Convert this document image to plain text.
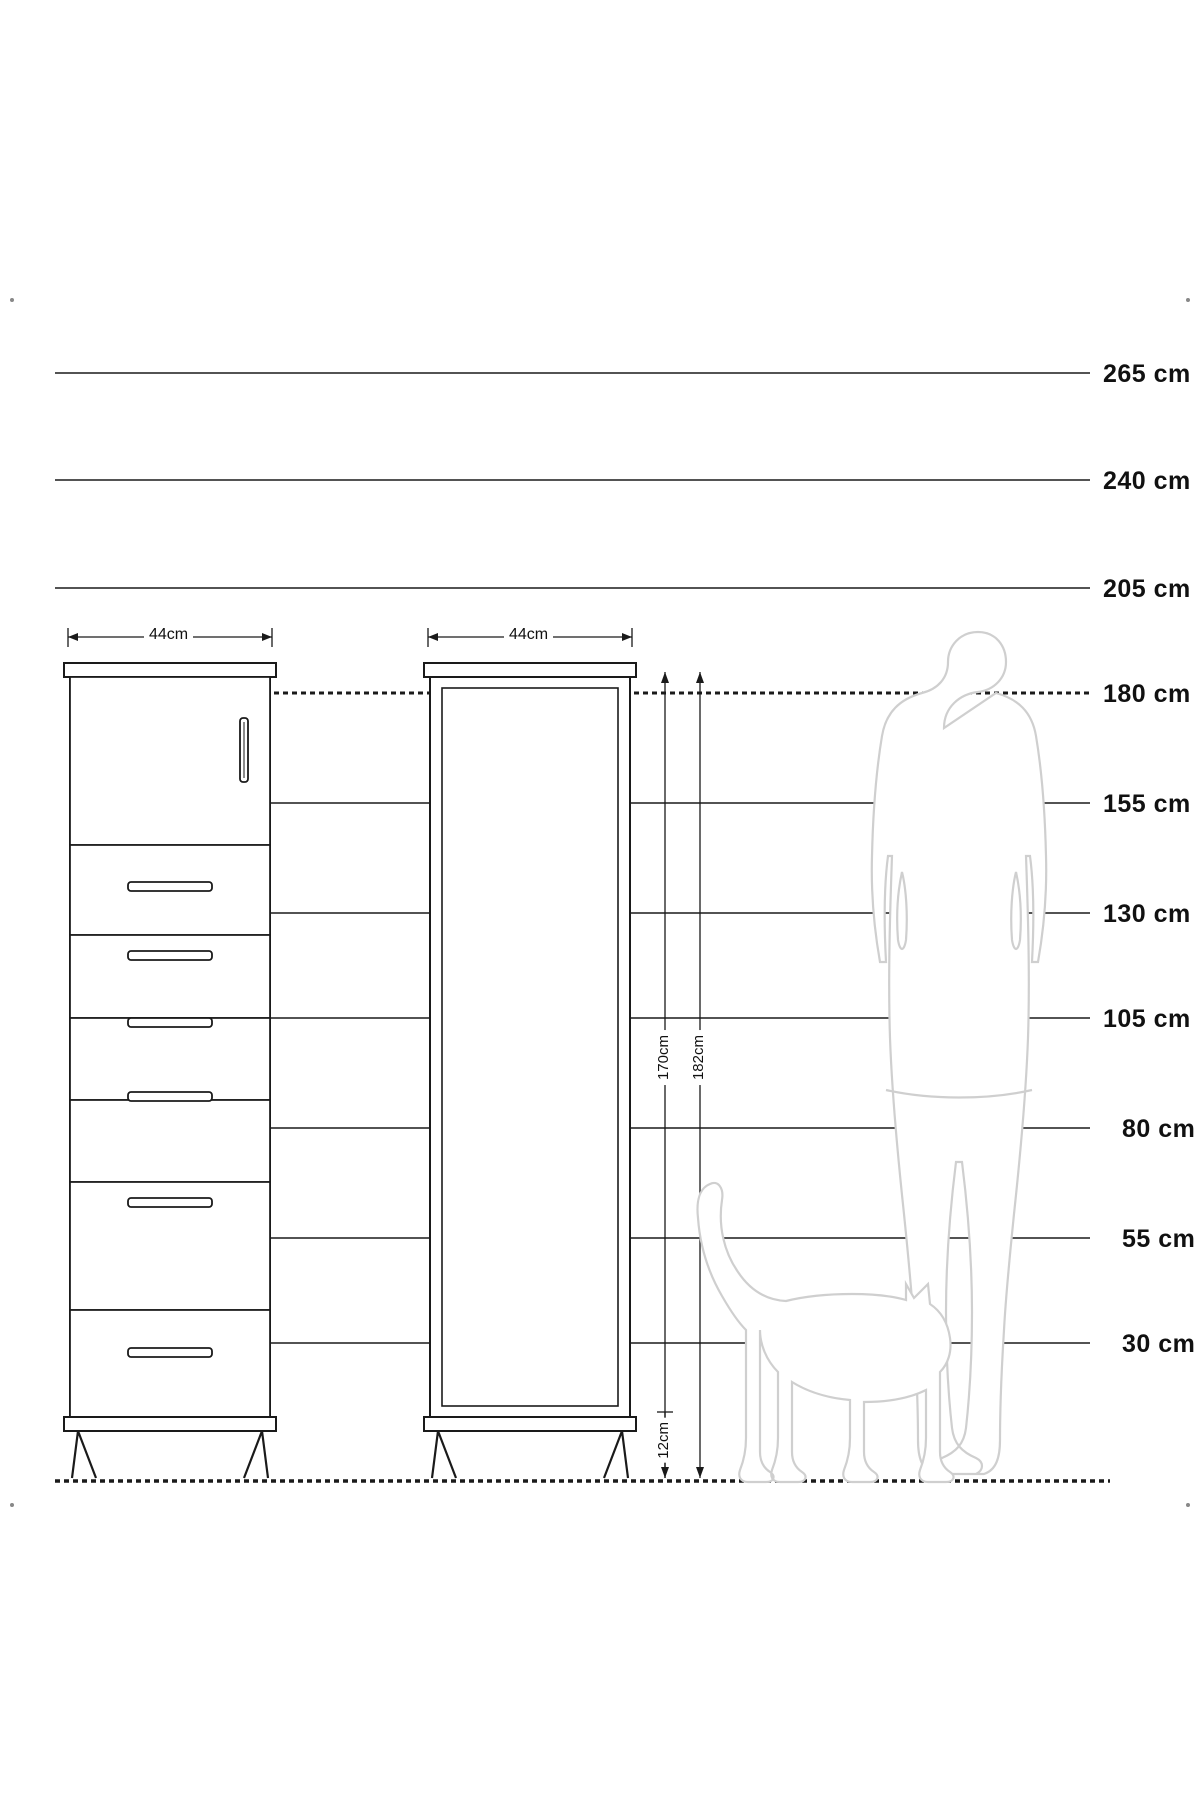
265 cm
240 cm
205 cm
180 cm
155 cm
130 cm
105 cm
80 cm
55 cm
30 cm
44cm	44cm
170cm 182cm
12cm
